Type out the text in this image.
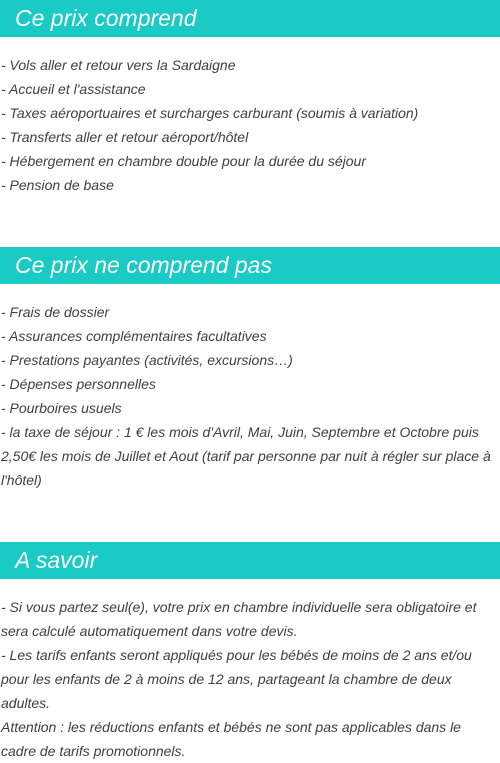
Ce prix comprend
- Vols aller et retour vers la Sardaigne
- Accueil et l'assistance
- Taxes aéroportuaires et surcharges carburant (soumis à variation)
- Transferts aller et retour aéroport/hôtel
- Hébergement en chambre double pour la durée du séjour
- Pension de base
Ce prix ne comprend pas
- Frais de dossier
- Assurances complémentaires facultatives
- Prestations payantes (activités, excursions…)
- Dépenses personnelles
- Pourboires usuels
- la taxe de séjour : 1 € les mois d'Avril, Mai, Juin, Septembre et Octobre puis 2,50€ les mois de Juillet et Aout (tarif par personne par nuit à régler sur place à l'hôtel)
A savoir
- Si vous partez seul(e), votre prix en chambre individuelle sera obligatoire et sera calculé automatiquement dans votre devis.
- Les tarifs enfants seront appliqués pour les bébés de moins de 2 ans et/ou pour les enfants de 2 à moins de 12 ans, partageant la chambre de deux adultes.
Attention : les réductions enfants et bébés ne sont pas applicables dans le cadre de tarifs promotionnels.
